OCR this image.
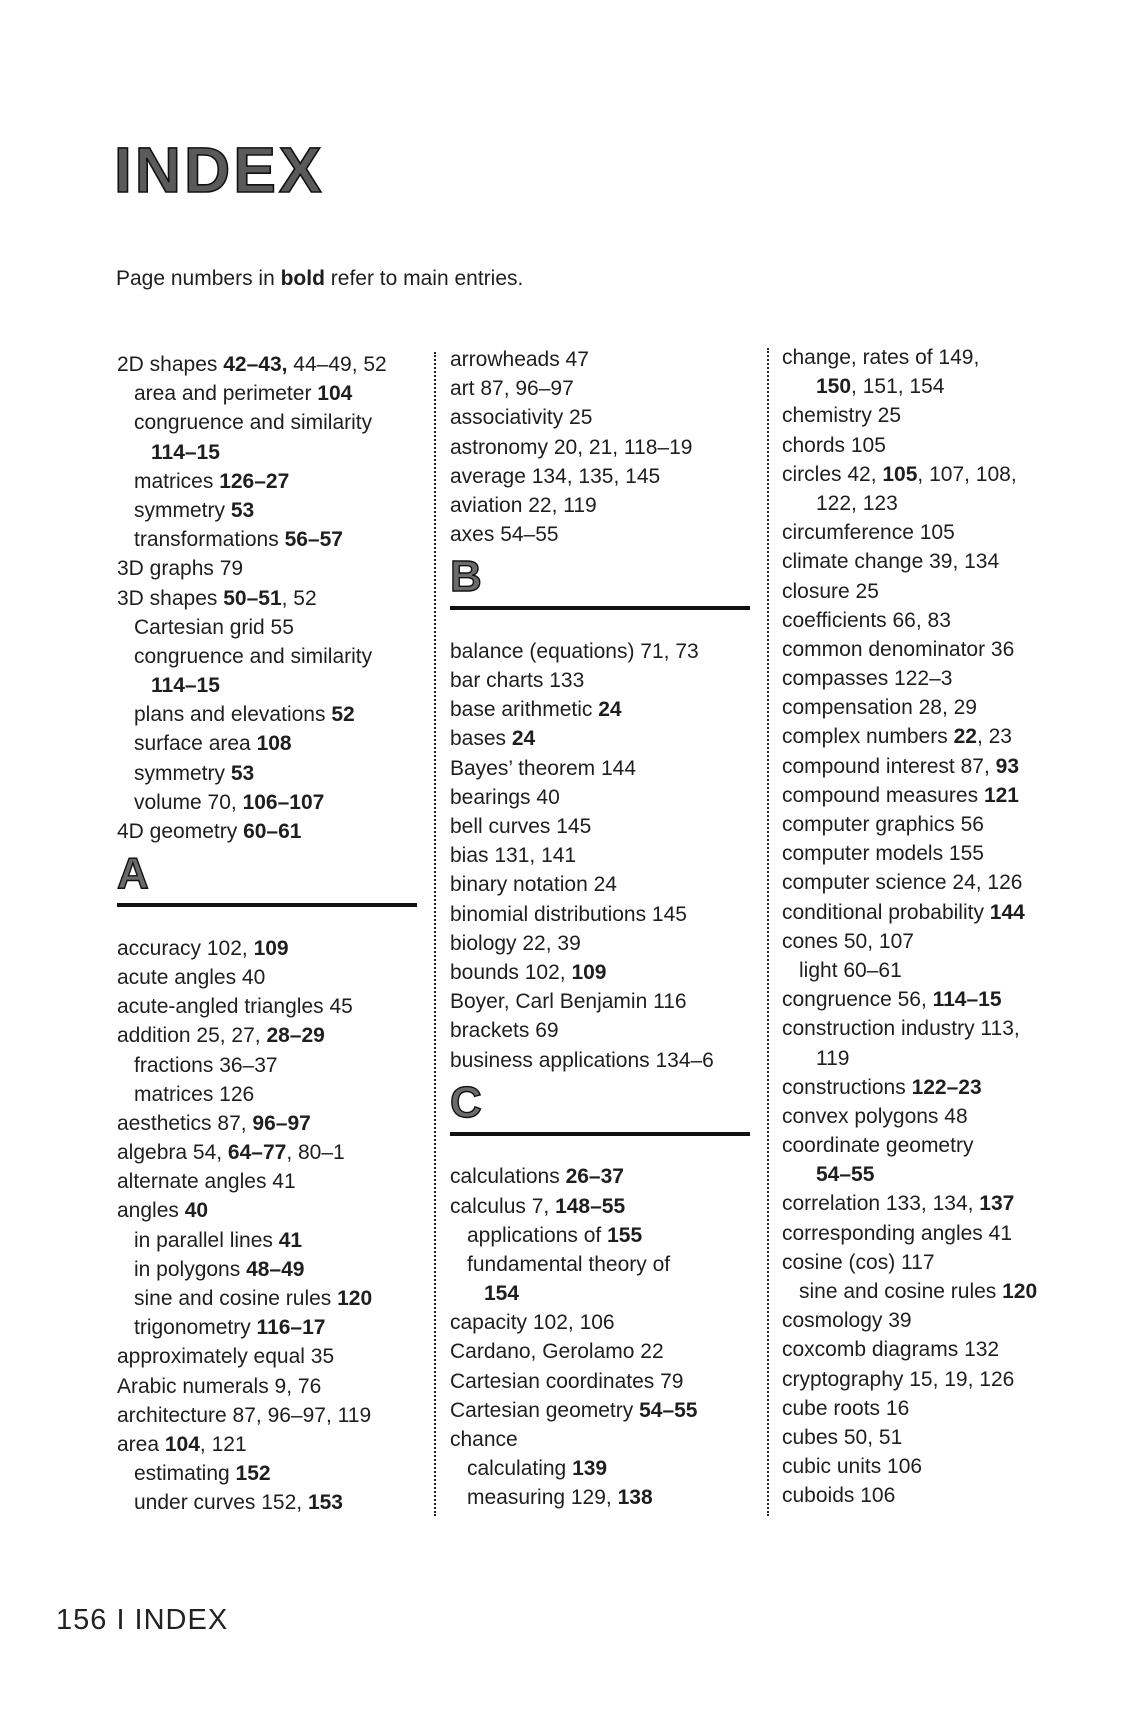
INDEX
Page numbers in bold refer to main entries.
2D shapes 42–43, 44–49, 52
area and perimeter 104
congruence and similarity
114–15
matrices 126–27
symmetry 53
transformations 56–57
3D graphs 79
3D shapes 50–51, 52
Cartesian grid 55
congruence and similarity
114–15
plans and elevations 52
surface area 108
symmetry 53
volume 70, 106–107
4D geometry 60–61
A
accuracy 102, 109
acute angles 40
acute-angled triangles 45
addition 25, 27, 28–29
fractions 36–37
matrices 126
aesthetics 87, 96–97
algebra 54, 64–77, 80–1
alternate angles 41
angles 40
in parallel lines 41
in polygons 48–49
sine and cosine rules 120
trigonometry 116–17
approximately equal 35
Arabic numerals 9, 76
architecture 87, 96–97, 119
area 104, 121
estimating 152
under curves 152, 153
arrowheads 47
art 87, 96–97
associativity 25
astronomy 20, 21, 118–19
average 134, 135, 145
aviation 22, 119
axes 54–55
B
balance (equations) 71, 73
bar charts 133
base arithmetic 24
bases 24
Bayes’ theorem 144
bearings 40
bell curves 145
bias 131, 141
binary notation 24
binomial distributions 145
biology 22, 39
bounds 102, 109
Boyer, Carl Benjamin 116
brackets 69
business applications 134–6
C
calculations 26–37
calculus 7, 148–55
applications of 155
fundamental theory of
154
capacity 102, 106
Cardano, Gerolamo 22
Cartesian coordinates 79
Cartesian geometry 54–55
chance
calculating 139
measuring 129, 138
change, rates of 149,
150, 151, 154
chemistry 25
chords 105
circles 42, 105, 107, 108,
122, 123
circumference 105
climate change 39, 134
closure 25
coefficients 66, 83
common denominator 36
compasses 122–3
compensation 28, 29
complex numbers 22, 23
compound interest 87, 93
compound measures 121
computer graphics 56
computer models 155
computer science 24, 126
conditional probability 144
cones 50, 107
light 60–61
congruence 56, 114–15
construction industry 113,
119
constructions 122–23
convex polygons 48
coordinate geometry
54–55
correlation 133, 134, 137
corresponding angles 41
cosine (cos) 117
sine and cosine rules 120
cosmology 39
coxcomb diagrams 132
cryptography 15, 19, 126
cube roots 16
cubes 50, 51
cubic units 106
cuboids 106
156 I INDEX
